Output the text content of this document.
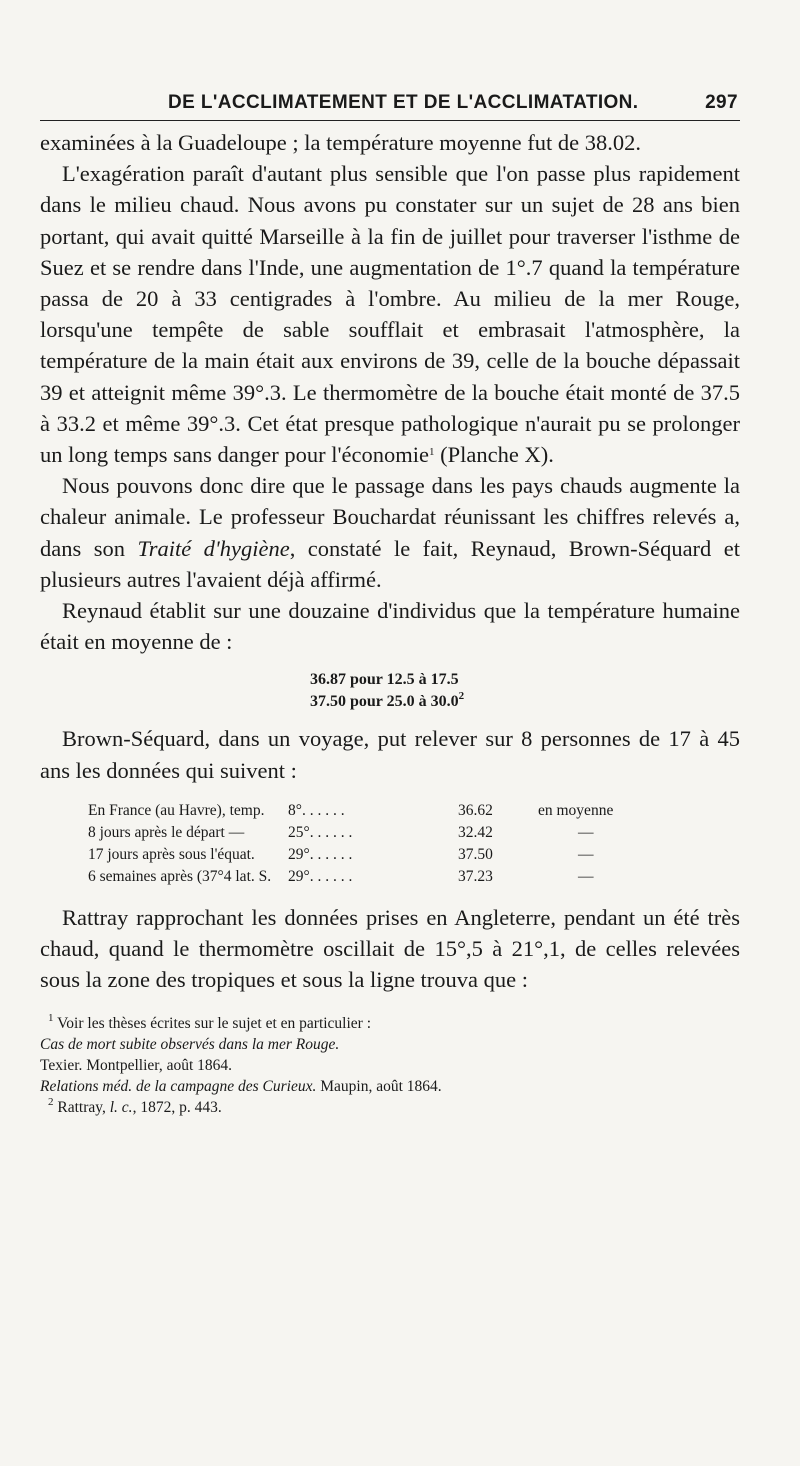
DE L'ACCLIMATEMENT ET DE L'ACCLIMATATION.	297

examinées à la Guadeloupe ; la température moyenne fut de 38.02.

L'exagération paraît d'autant plus sensible que l'on passe plus rapidement dans le milieu chaud. Nous avons pu constater sur un sujet de 28 ans bien portant, qui avait quitté Marseille à la fin de juillet pour traverser l'isthme de Suez et se rendre dans l'Inde, une augmentation de 1°.7 quand la température passa de 20 à 33 centigrades à l'ombre. Au milieu de la mer Rouge, lorsqu'une tempête de sable soufflait et embrasait l'atmosphère, la température de la main était aux environs de 39, celle de la bouche dépassait 39 et atteignit même 39°.3. Le thermomètre de la bouche était monté de 37.5 à 33.2 et même 39°.3. Cet état presque pathologique n'aurait pu se prolonger un long temps sans danger pour l'économie$^1$ (Planche X).

Nous pouvons donc dire que le passage dans les pays chauds augmente la chaleur animale. Le professeur Bouchardat réunissant les chiffres relevés a, dans son Traité d'hygiène, constaté le fait, Reynaud, Brown-Séquard et plusieurs autres l'avaient déjà affirmé.

Reynaud établit sur une douzaine d'individus que la température humaine était en moyenne de :

36.87 pour 12.5 à 17.5
37.50 pour 25.0 à 30.0$^2$

Brown-Séquard, dans un voyage, put relever sur 8 personnes de 17 à 45 ans les données qui suivent :

En France (au Havre), temp.	8°. . . . . .	36.62	en moyenne
8 jours après le départ —	25°. . . . . .	32.42	—
17 jours après sous l'équat.	29°. . . . . .	37.50	—
6 semaines après (37°4 lat. S.	29°. . . . . .	37.23	—

Rattray rapprochant les données prises en Angleterre, pendant un été très chaud, quand le thermomètre oscillait de 15°,5 à 21°,1, de celles relevées sous la zone des tropiques et sous la ligne trouva que :

$^1$ Voir les thèses écrites sur le sujet et en particulier :
Cas de mort subite observés dans la mer Rouge.
Texier. Montpellier, août 1864.
Relations méd. de la campagne des Curieux. Maupin, août 1864.
$^2$ Rattray, l. c., 1872, p. 443.
